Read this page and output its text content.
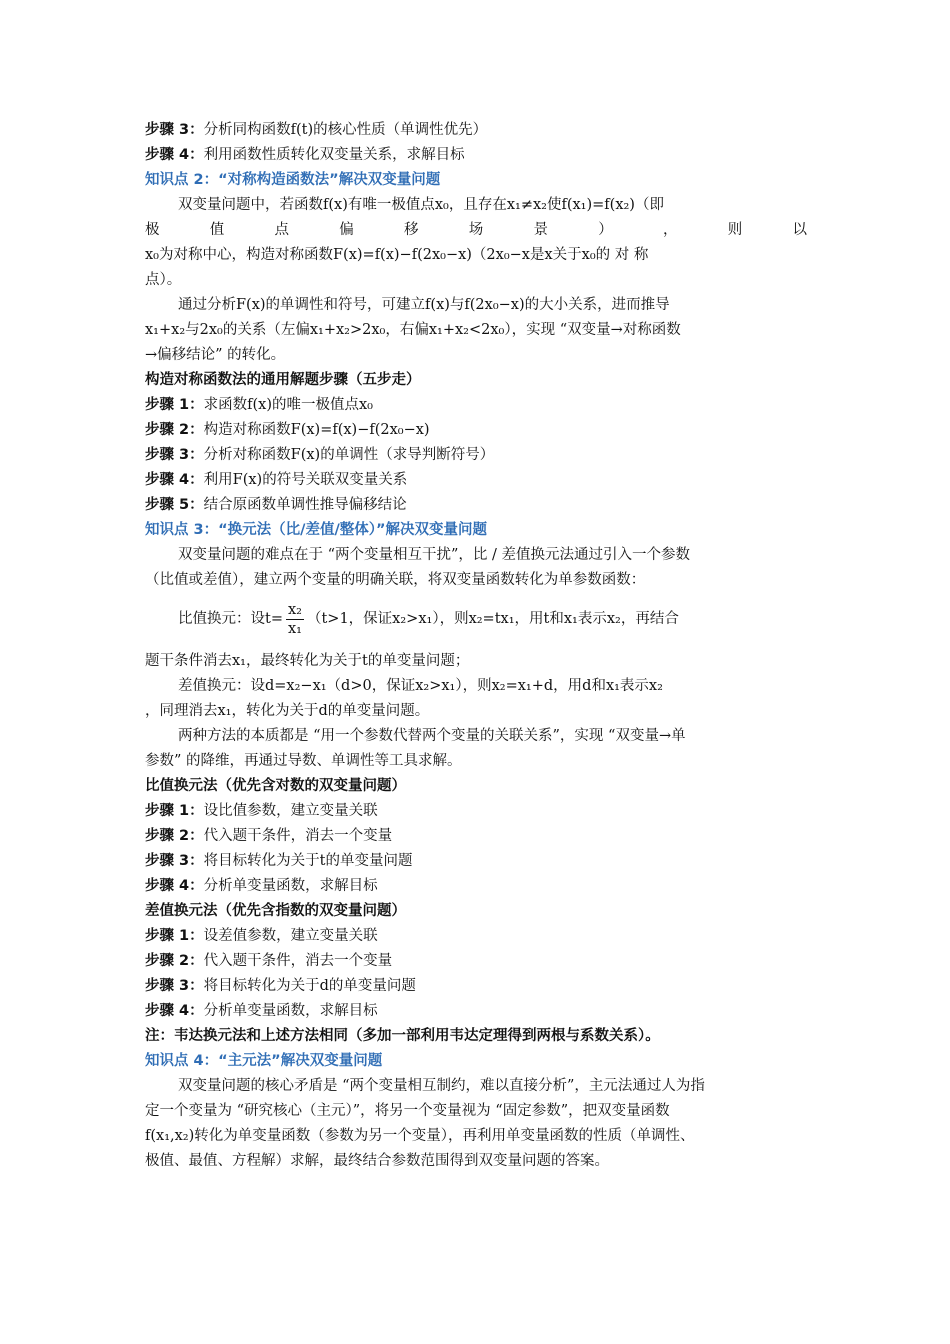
步骤 3：分析同构函数f(t)的核心性质（单调性优先）
步骤 4：利用函数性质转化双变量关系，求解目标
知识点 2：“对称构造函数法”解决双变量问题
双变量问题中，若函数f(x)有唯一极值点x₀，且存在x₁≠x₂使f(x₁)=f(x₂)（即
极	值	点	偏	移	场	景	）	，	则	以
x₀为对称中心，构造对称函数F(x)=f(x)−f(2x₀−x)（2x₀−x是x关于x₀的 对 称
点）。
通过分析F(x)的单调性和符号，可建立f(x)与f(2x₀−x)的大小关系，进而推导
x₁+x₂与2x₀的关系（左偏x₁+x₂>2x₀，右偏x₁+x₂<2x₀），实现 “双变量→对称函数
→偏移结论” 的转化。
构造对称函数法的通用解题步骤（五步走）
步骤 1：求函数f(x)的唯一极值点x₀
步骤 2：构造对称函数F(x)=f(x)−f(2x₀−x)
步骤 3：分析对称函数F(x)的单调性（求导判断符号）
步骤 4：利用F(x)的符号关联双变量关系
步骤 5：结合原函数单调性推导偏移结论
知识点 3：“换元法（比/差值/整体）”解决双变量问题
双变量问题的难点在于 “两个变量相互干扰”，比 / 差值换元法通过引入一个参数
（比值或差值），建立两个变量的明确关联，将双变量函数转化为单参数函数：
比值换元：设$t= \frac{\text{x₂}}{\text{x₁}} (t>1$，保证x₂>x₁），则x₂=tx₁，用t和x₁表示x₂，再结合
题干条件消去x₁，最终转化为关于t的单变量问题；
差值换元：设d=x₂−x₁（d>0，保证x₂>x₁），则x₂=x₁+d，用d和x₁表示x₂
，同理消去x₁，转化为关于d的单变量问题。
两种方法的本质都是 “用一个参数代替两个变量的关联关系”，实现 “双变量→单
参数” 的降维，再通过导数、单调性等工具求解。
比值换元法（优先含对数的双变量问题）
步骤 1：设比值参数，建立变量关联
步骤 2：代入题干条件，消去一个变量
步骤 3：将目标转化为关于t的单变量问题
步骤 4：分析单变量函数，求解目标
差值换元法（优先含指数的双变量问题）
步骤 1：设差值参数，建立变量关联
步骤 2：代入题干条件，消去一个变量
步骤 3：将目标转化为关于d的单变量问题
步骤 4：分析单变量函数，求解目标
注：韦达换元法和上述方法相同（多加一部利用韦达定理得到两根与系数关系）。
知识点 4：“主元法”解决双变量问题
双变量问题的核心矛盾是 “两个变量相互制约，难以直接分析”，主元法通过人为指
定一个变量为 “研究核心（主元）”，将另一个变量视为 “固定参数”，把双变量函数
f(x₁,x₂)转化为单变量函数（参数为另一个变量），再利用单变量函数的性质（单调性、
极值、最值、方程解）求解，最终结合参数范围得到双变量问题的答案。
